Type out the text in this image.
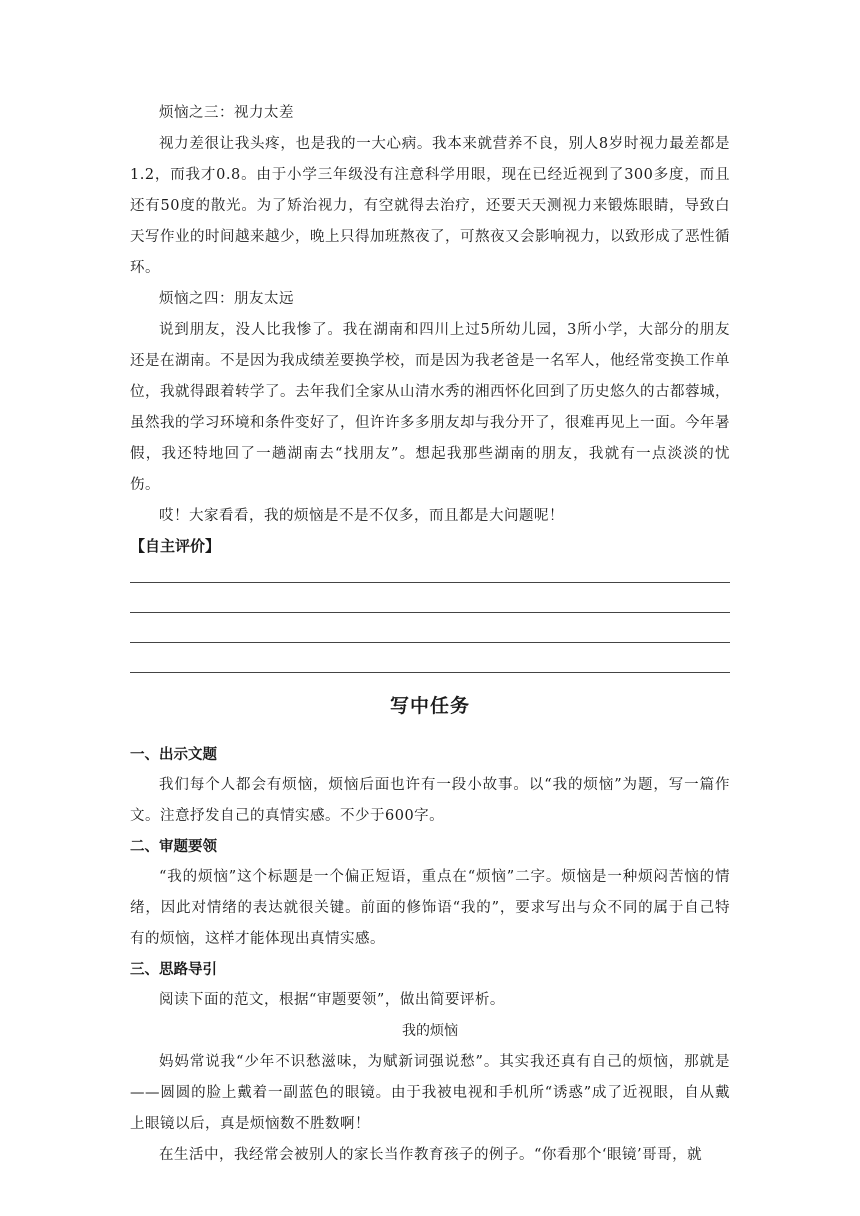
烦恼之三：视力太差

视力差很让我头疼，也是我的一大心病。我本来就营养不良，别人8岁时视力最差都是1.2，而我才0.8。由于小学三年级没有注意科学用眼，现在已经近视到了300多度，而且还有50度的散光。为了矫治视力，有空就得去治疗，还要天天测视力来锻炼眼睛，导致白天写作业的时间越来越少，晚上只得加班熬夜了，可熬夜又会影响视力，以致形成了恶性循环。

烦恼之四：朋友太远

说到朋友，没人比我惨了。我在湖南和四川上过5所幼儿园，3所小学，大部分的朋友还是在湖南。不是因为我成绩差要换学校，而是因为我老爸是一名军人，他经常变换工作单位，我就得跟着转学了。去年我们全家从山清水秀的湘西怀化回到了历史悠久的古都蓉城，虽然我的学习环境和条件变好了，但许许多多朋友却与我分开了，很难再见上一面。今年暑假，我还特地回了一趟湖南去“找朋友”。想起我那些湖南的朋友，我就有一点淡淡的忧伤。

哎！大家看看，我的烦恼是不是不仅多，而且都是大问题呢！

【自主评价】
写中任务
一、出示文题

我们每个人都会有烦恼，烦恼后面也许有一段小故事。以“我的烦恼”为题，写一篇作文。注意抒发自己的真情实感。不少于600字。

二、审题要领

“我的烦恼”这个标题是一个偏正短语，重点在“烦恼”二字。烦恼是一种烦闷苦恼的情绪，因此对情绪的表达就很关键。前面的修饰语“我的”，要求写出与众不同的属于自己特有的烦恼，这样才能体现出真情实感。

三、思路导引

阅读下面的范文，根据“审题要领”，做出简要评析。

我的烦恼

妈妈常说我“少年不识愁滋味，为赋新词强说愁”。其实我还真有自己的烦恼，那就是——圆圆的脸上戴着一副蓝色的眼镜。由于我被电视和手机所“诱惑”成了近视眼，自从戴上眼镜以后，真是烦恼数不胜数啊！

在生活中，我经常会被别人的家长当作教育孩子的例子。“你看那个‘眼镜’哥哥，就
